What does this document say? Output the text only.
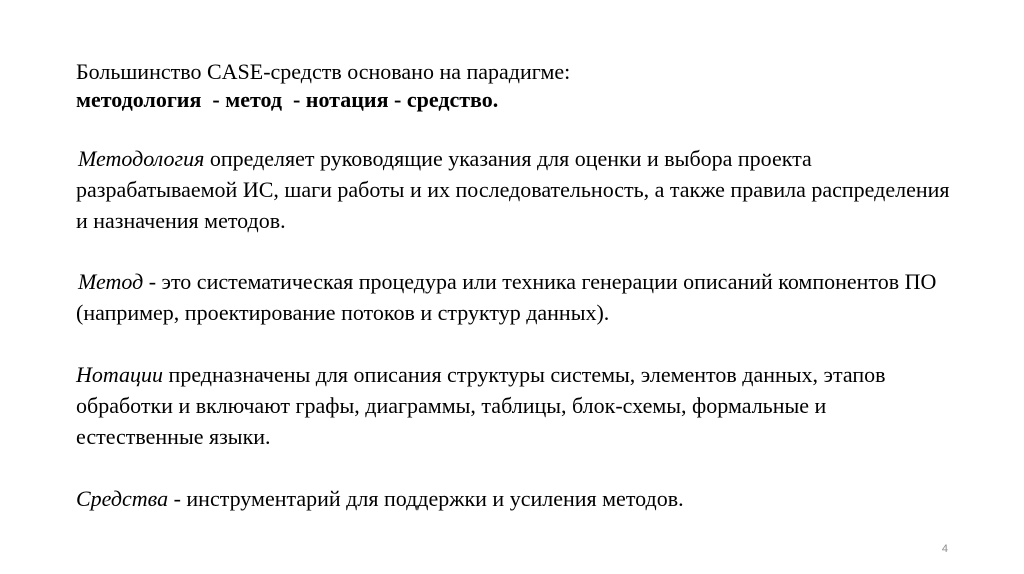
Большинство CASE-средств основано на парадигме:
методология  - метод  - нотация - средство.

Методология определяет руководящие указания для оценки и выбора проекта разрабатываемой ИС, шаги работы и их последовательность, а также правила распределения и назначения методов.

Метод - это систематическая процедура или техника генерации описаний компонентов ПО (например, проектирование потоков и структур данных).

Нотации предназначены для описания структуры системы, элементов данных, этапов обработки и включают графы, диаграммы, таблицы, блок-схемы, формальные и естественные языки.

Средства - инструментарий для поддержки и усиления методов.

4
